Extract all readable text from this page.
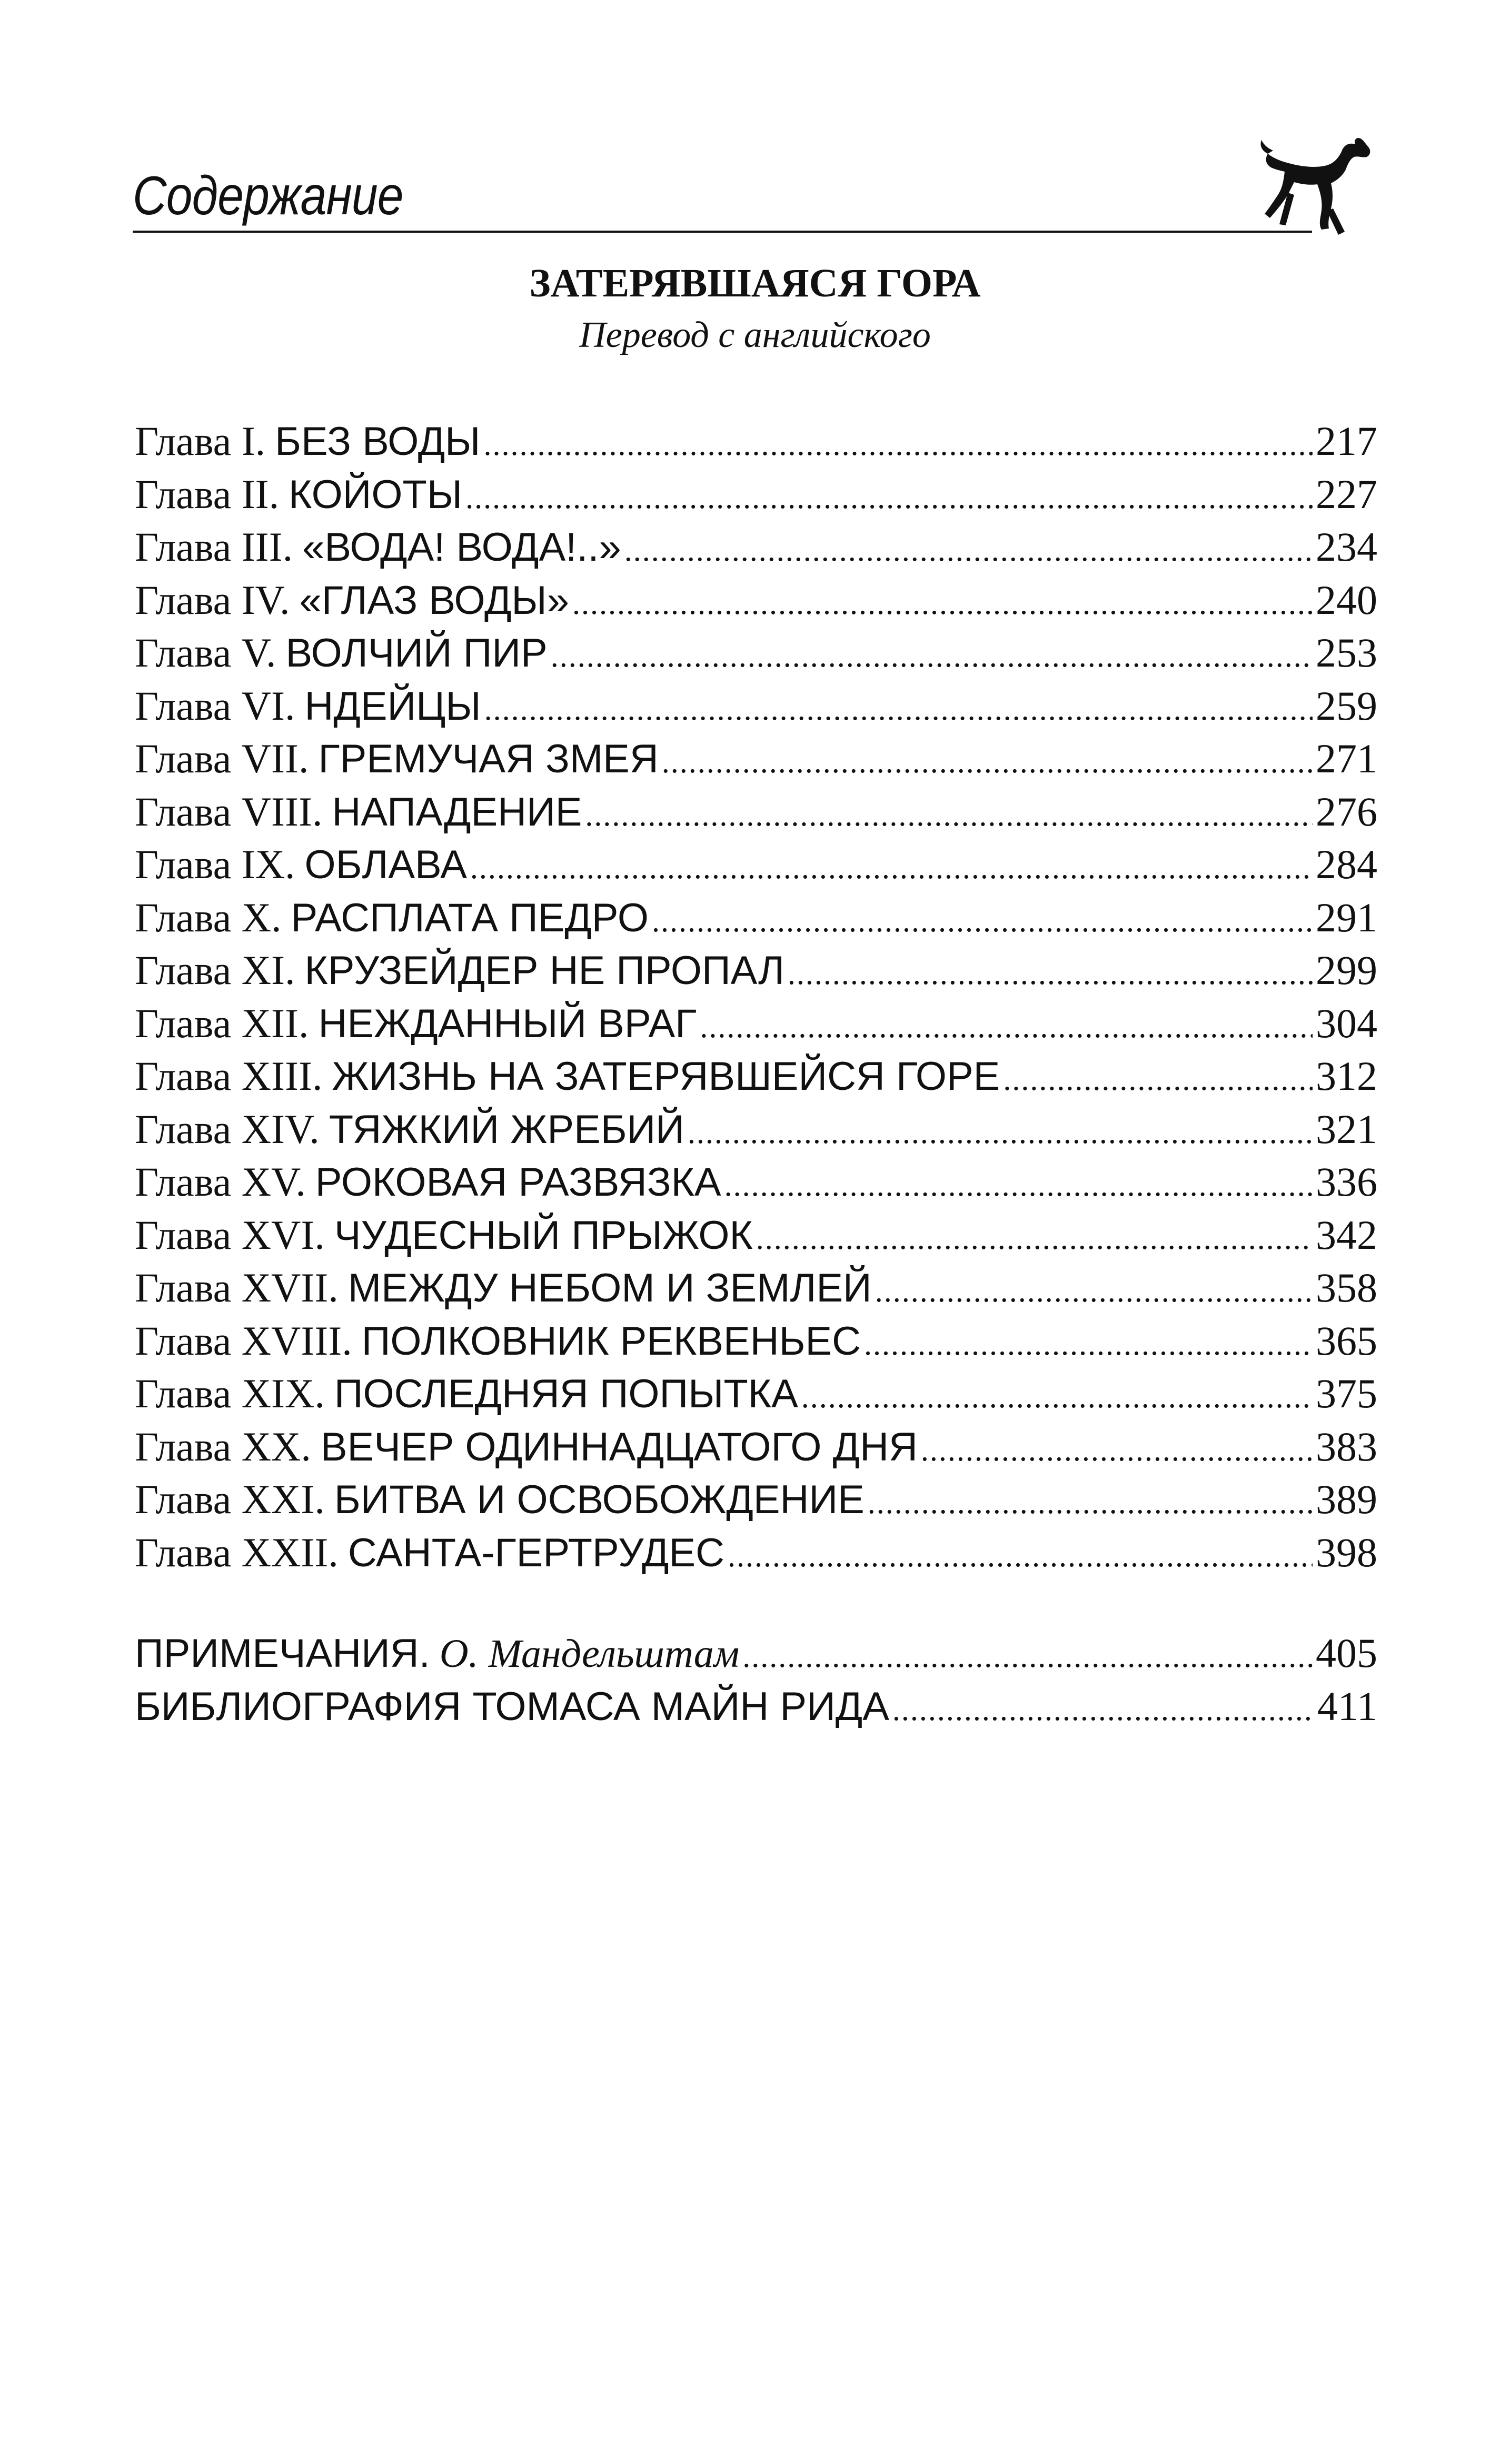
Содержание
ЗАТЕРЯВШАЯСЯ ГОРА
Перевод с английского
Глава I. БЕЗ ВОДЫ .....	217
Глава II. КОЙОТЫ .....	227
Глава III. «ВОДА! ВОДА!..» .....	234
Глава IV. «ГЛАЗ ВОДЫ» .....	240
Глава V. ВОЛЧИЙ ПИР .....	253
Глава VI. НДЕЙЦЫ .....	259
Глава VII. ГРЕМУЧАЯ ЗМЕЯ .....	271
Глава VIII. НАПАДЕНИЕ .....	276
Глава IX. ОБЛАВА .....	284
Глава X. РАСПЛАТА ПЕДРО .....	291
Глава XI. КРУЗЕЙДЕР НЕ ПРОПАЛ .....	299
Глава XII. НЕЖДАННЫЙ ВРАГ .....	304
Глава XIII. ЖИЗНЬ НА ЗАТЕРЯВШЕЙСЯ ГОРЕ .....	312
Глава XIV. ТЯЖКИЙ ЖРЕБИЙ .....	321
Глава XV. РОКОВАЯ РАЗВЯЗКА .....	336
Глава XVI. ЧУДЕСНЫЙ ПРЫЖОК .....	342
Глава XVII. МЕЖДУ НЕБОМ И ЗЕМЛЕЙ .....	358
Глава XVIII. ПОЛКОВНИК РЕКВЕНЬЕС .....	365
Глава XIX. ПОСЛЕДНЯЯ ПОПЫТКА .....	375
Глава XX. ВЕЧЕР ОДИННАДЦАТОГО ДНЯ .....	383
Глава XXI. БИТВА И ОСВОБОЖДЕНИЕ .....	389
Глава XXII. САНТА-ГЕРТРУДЕС .....	398
ПРИМЕЧАНИЯ. О. Мандельштам .....	405
БИБЛИОГРАФИЯ ТОМАСА МАЙН РИДА .....	411
